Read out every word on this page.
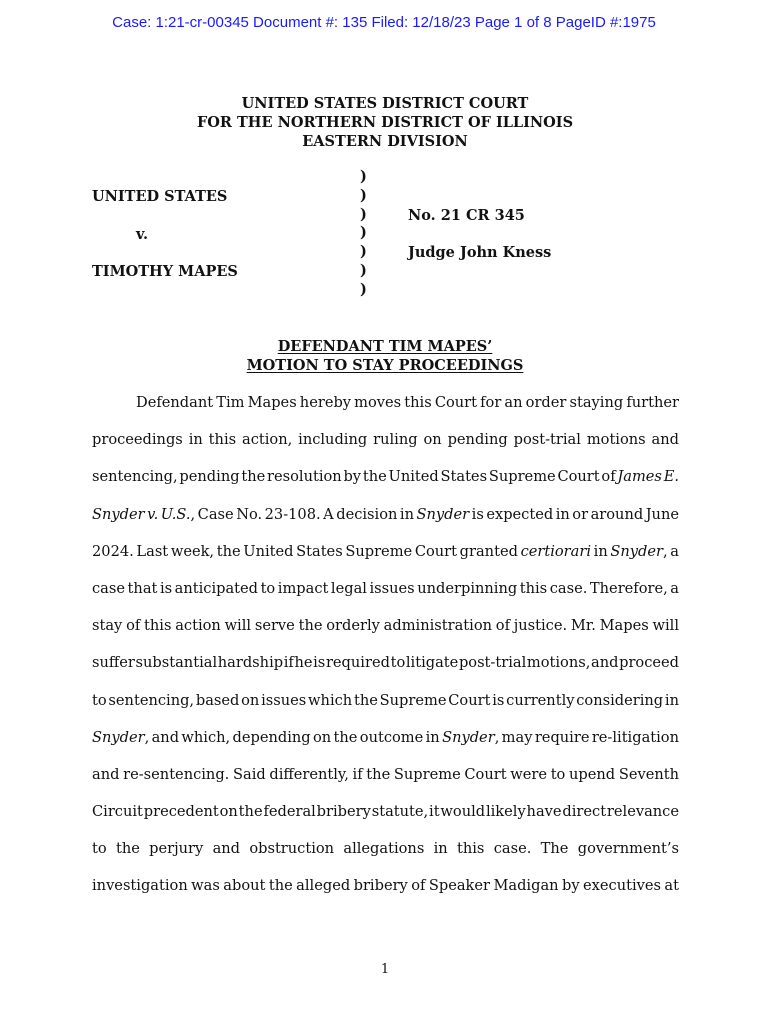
Case: 1:21-cr-00345 Document #: 135 Filed: 12/18/23 Page 1 of 8 PageID #:1975
UNITED STATES DISTRICT COURT
FOR THE NORTHERN DISTRICT OF ILLINOIS
EASTERN DIVISION
UNITED STATES
v.
TIMOTHY MAPES
)
)
)
)
)
)
)
No. 21 CR 345
Judge John Kness
DEFENDANT TIM MAPES’
MOTION TO STAY PROCEEDINGS
Defendant Tim Mapes hereby moves this Court for an order staying further
proceedings in this action, including ruling on pending post-trial motions and
sentencing, pending the resolution by the United States Supreme Court of James E.
Snyder v. U.S., Case No. 23-108. A decision in Snyder is expected in or around June
2024. Last week, the United States Supreme Court granted certiorari in Snyder, a
case that is anticipated to impact legal issues underpinning this case. Therefore, a
stay of this action will serve the orderly administration of justice. Mr. Mapes will
suffer substantial hardship if he is required to litigate post-trial motions, and proceed
to sentencing, based on issues which the Supreme Court is currently considering in
Snyder, and which, depending on the outcome in Snyder, may require re-litigation
and re-sentencing. Said differently, if the Supreme Court were to upend Seventh
Circuit precedent on the federal bribery statute, it would likely have direct relevance
to the perjury and obstruction allegations in this case. The government’s
investigation was about the alleged bribery of Speaker Madigan by executives at
1
